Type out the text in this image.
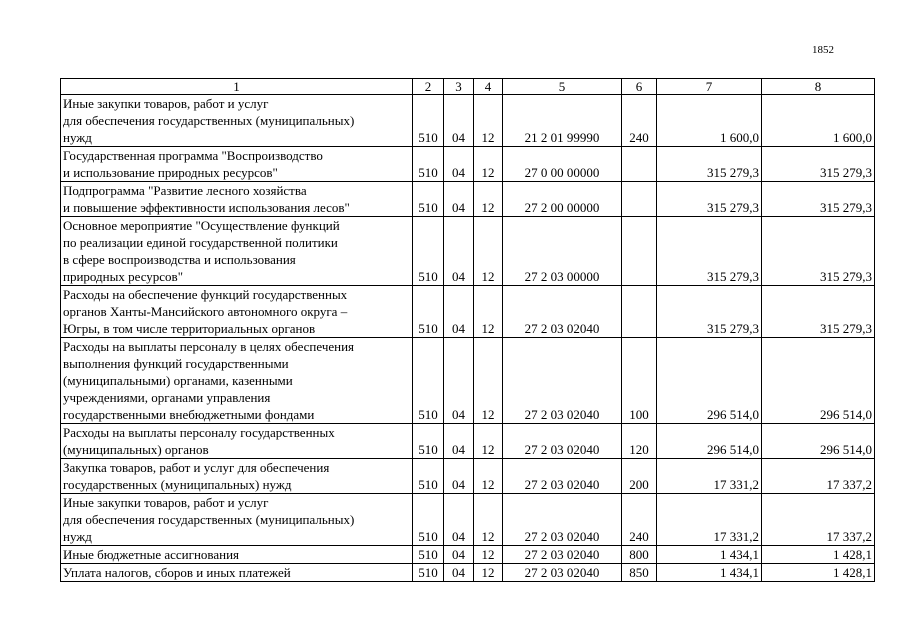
1852
1	2	3	4	5	6	7	8

Иные закупки товаров, работ и услуг
для обеспечения государственных (муниципальных)
нужд	510	04	12	21 2 01 99990	240	1 600,0	1 600,0

Государственная программа "Воспроизводство
и использование природных ресурсов"	510	04	12	27 0 00 00000		315 279,3	315 279,3

Подпрограмма "Развитие лесного хозяйства
и повышение эффективности использования лесов"	510	04	12	27 2 00 00000		315 279,3	315 279,3

Основное мероприятие "Осуществление функций
по реализации единой государственной политики
в сфере воспроизводства и использования
природных ресурсов"	510	04	12	27 2 03 00000		315 279,3	315 279,3

Расходы на обеспечение функций государственных
органов Ханты-Мансийского автономного округа –
Югры, в том числе территориальных органов	510	04	12	27 2 03 02040		315 279,3	315 279,3

Расходы на выплаты персоналу в целях обеспечения
выполнения функций государственными
(муниципальными) органами, казенными
учреждениями, органами управления
государственными внебюджетными фондами	510	04	12	27 2 03 02040	100	296 514,0	296 514,0

Расходы на выплаты персоналу государственных
(муниципальных) органов	510	04	12	27 2 03 02040	120	296 514,0	296 514,0

Закупка товаров, работ и услуг для обеспечения
государственных (муниципальных) нужд	510	04	12	27 2 03 02040	200	17 331,2	17 337,2

Иные закупки товаров, работ и услуг
для обеспечения государственных (муниципальных)
нужд	510	04	12	27 2 03 02040	240	17 331,2	17 337,2

Иные бюджетные ассигнования	510	04	12	27 2 03 02040	800	1 434,1	1 428,1

Уплата налогов, сборов и иных платежей	510	04	12	27 2 03 02040	850	1 434,1	1 428,1
